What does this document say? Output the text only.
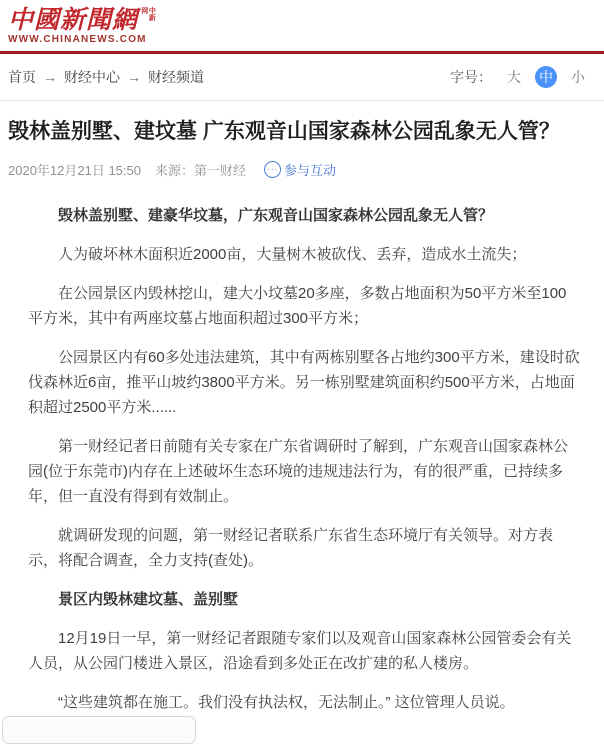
中國新聞網	中新网
WWW.CHINANEWS.COM
首页 → 财经中心 → 财经频道	字号： 大 中 小
毁林盖别墅、建坟墓 广东观音山国家森林公园乱象无人管？
2020年12月21日 15:50 来源：第一财经	··· 参与互动

毁林盖别墅、建豪华坟墓，广东观音山国家森林公园乱象无人管？

人为破坏林木面积近2000亩，大量树木被砍伐、丢弃，造成水土流失；

在公园景区内毁林挖山，建大小坟墓20多座，多数占地面积为50平方米至100平方米，其中有两座坟墓占地面积超过300平方米；

公园景区内有60多处违法建筑，其中有两栋别墅各占地约300平方米，建设时砍伐森林近6亩，推平山坡约3800平方米。另一栋别墅建筑面积约500平方米，占地面积超过2500平方米......

第一财经记者日前随有关专家在广东省调研时了解到，广东观音山国家森林公园(位于东莞市)内存在上述破坏生态环境的违规违法行为，有的很严重，已持续多年，但一直没有得到有效制止。

就调研发现的问题，第一财经记者联系广东省生态环境厅有关领导。对方表示，将配合调查，全力支持(查处)。

景区内毁林建坟墓、盖别墅

12月19日一早，第一财经记者跟随专家们以及观音山国家森林公园管委会有关人员，从公园门楼进入景区，沿途看到多处正在改扩建的私人楼房。

“这些建筑都在施工。我们没有执法权，无法制止。” 这位管理人员说。
